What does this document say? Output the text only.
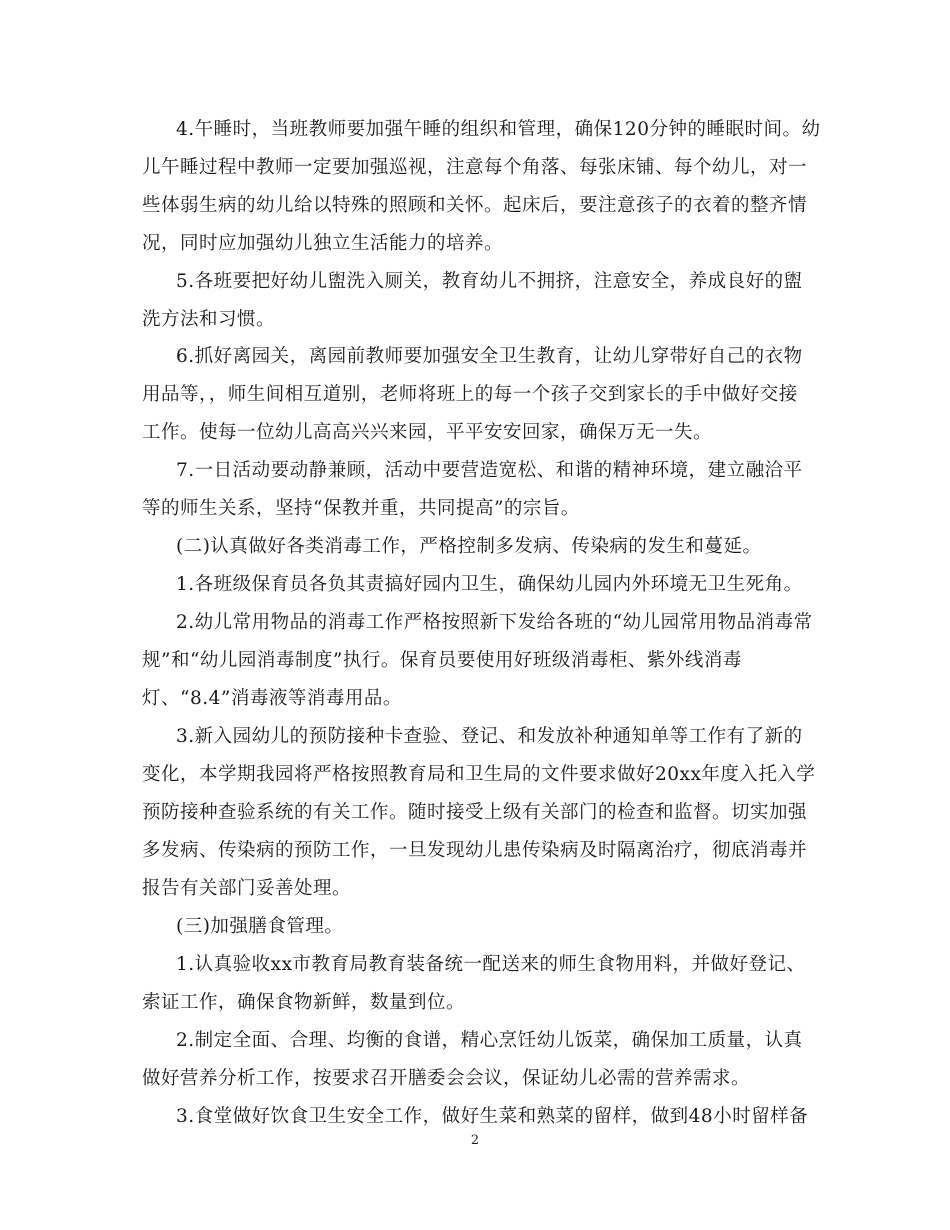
4.午睡时，当班教师要加强午睡的组织和管理，确保120分钟的睡眠时间。幼
儿午睡过程中教师一定要加强巡视，注意每个角落、每张床铺、每个幼儿，对一
些体弱生病的幼儿给以特殊的照顾和关怀。起床后，要注意孩子的衣着的整齐情
况，同时应加强幼儿独立生活能力的培养。
5.各班要把好幼儿盥洗入厕关，教育幼儿不拥挤，注意安全，养成良好的盥
洗方法和习惯。
6.抓好离园关，离园前教师要加强安全卫生教育，让幼儿穿带好自己的衣物
用品等，，师生间相互道别，老师将班上的每一个孩子交到家长的手中做好交接
工作。使每一位幼儿高高兴兴来园，平平安安回家，确保万无一失。
7.一日活动要动静兼顾，活动中要营造宽松、和谐的精神环境，建立融洽平
等的师生关系，坚持“保教并重，共同提高”的宗旨。
(二)认真做好各类消毒工作，严格控制多发病、传染病的发生和蔓延。
1.各班级保育员各负其责搞好园内卫生，确保幼儿园内外环境无卫生死角。
2.幼儿常用物品的消毒工作严格按照新下发给各班的“幼儿园常用物品消毒常
规”和“幼儿园消毒制度”执行。保育员要使用好班级消毒柜、紫外线消毒
灯、“8.4”消毒液等消毒用品。
3.新入园幼儿的预防接种卡查验、登记、和发放补种通知单等工作有了新的
变化，本学期我园将严格按照教育局和卫生局的文件要求做好20xx年度入托入学
预防接种查验系统的有关工作。随时接受上级有关部门的检查和监督。切实加强
多发病、传染病的预防工作，一旦发现幼儿患传染病及时隔离治疗，彻底消毒并
报告有关部门妥善处理。
(三)加强膳食管理。
1.认真验收xx市教育局教育装备统一配送来的师生食物用料，并做好登记、
索证工作，确保食物新鲜，数量到位。
2.制定全面、合理、均衡的食谱，精心烹饪幼儿饭菜，确保加工质量，认真
做好营养分析工作，按要求召开膳委会会议，保证幼儿必需的营养需求。
3.食堂做好饮食卫生安全工作，做好生菜和熟菜的留样，做到48小时留样备
2
